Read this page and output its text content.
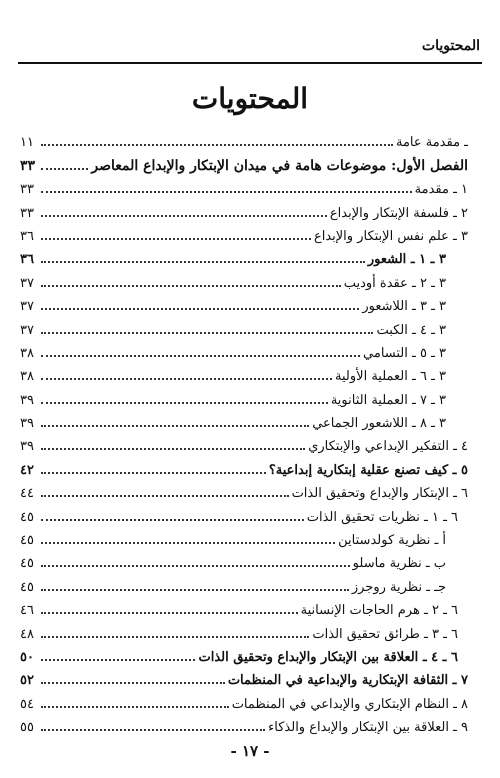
المحتويات
المحتويات
ـ مقدمة عامة
١١
الفصل الأول: موضوعات هامة في ميدان الإبتكار والإبداع المعاصر
٣٣
١ ـ مقدمة
٣٣
٢ ـ فلسفة الإبتكار والإبداع
٣٣
٣ ـ علم نفس الإبتكار والإبداع
٣٦
٣ ـ ١ ـ الشعور
٣٦
٣ ـ ٢ ـ عقدة أوديب
٣٧
٣ ـ ٣ ـ اللاشعور
٣٧
٣ ـ ٤ ـ الكبت
٣٧
٣ ـ ٥ ـ التسامي
٣٨
٣ ـ ٦ ـ العملية الأولية
٣٨
٣ ـ ٧ ـ العملية الثانوية
٣٩
٣ ـ ٨ ـ اللاشعور الجماعي
٣٩
٤ ـ التفكير الإبداعي والإبتكاري
٣٩
٥ ـ كيف تصنع عقلية إبتكارية إبداعية؟
٤٢
٦ ـ الإبتكار والإبداع وتحقيق الذات
٤٤
٦ ـ ١ ـ نظريات تحقيق الذات
٤٥
أ ـ نظرية كولدستاين
٤٥
ب ـ نظرية ماسلو
٤٥
جـ ـ نظرية روجرز
٤٥
٦ ـ ٢ ـ هرم الحاجات الإنسانية
٤٦
٦ ـ ٣ ـ طرائق تحقيق الذات
٤٨
٦ ـ ٤ ـ العلاقة بين الإبتكار والإبداع وتحقيق الذات
٥٠
٧ ـ الثقافة الإبتكارية والإبداعية في المنظمات
٥٢
٨ ـ النظام الإبتكاري والإبداعي في المنظمات
٥٤
٩ ـ العلاقة بين الإبتكار والإبداع والذكاء
٥٥
- ١٧ -
